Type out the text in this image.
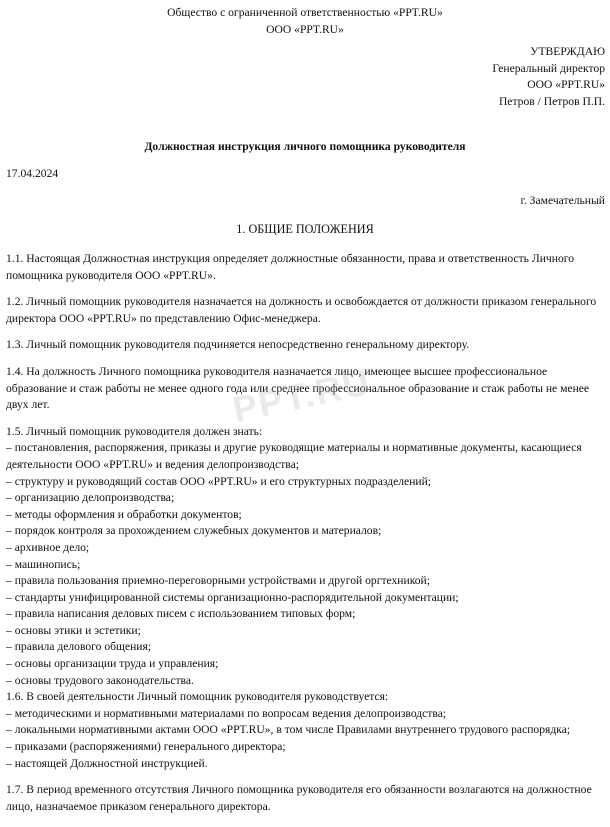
Общество с ограниченной ответственностью «PPT.RU»
ООО «PPT.RU»
УТВЕРЖДАЮ
Генеральный директор
ООО «PPT.RU»
Петров / Петров П.П.
Должностная инструкция личного помощника руководителя
17.04.2024
г. Замечательный
1. ОБЩИЕ ПОЛОЖЕНИЯ

1.1. Настоящая Должностная инструкция определяет должностные обязанности, права и ответственность Личного помощника руководителя ООО «PPT.RU».

1.2. Личный помощник руководителя назначается на должность и освобождается от должности приказом генерального директора ООО «PPT.RU» по представлению Офис-менеджера.

1.3. Личный помощник руководителя подчиняется непосредственно генеральному директору.

1.4. На должность Личного помощника руководителя назначается лицо, имеющее высшее профессиональное образование и стаж работы не менее одного года или среднее профессиональное образование и стаж работы не менее двух лет.

1.5. Личный помощник руководителя должен знать:

– постановления, распоряжения, приказы и другие руководящие материалы и нормативные документы, касающиеся деятельности ООО «PPT.RU» и ведения делопроизводства;
– структуру и руководящий состав ООО «PPT.RU» и его структурных подразделений;
– организацию делопроизводства;
– методы оформления и обработки документов;
– порядок контроля за прохождением служебных документов и материалов;
– архивное дело;
– машинопись;
– правила пользования приемно-переговорными устройствами и другой оргтехникой;
– стандарты унифицированной системы организационно-распорядительной документации;
– правила написания деловых писем с использованием типовых форм;
– основы этики и эстетики;
– правила делового общения;
– основы организации труда и управления;
– основы трудового законодательства.

1.6. В своей деятельности Личный помощник руководителя руководствуется:

– методическими и нормативными материалами по вопросам ведения делопроизводства;
– локальными нормативными актами ООО «PPT.RU», в том числе Правилами внутреннего трудового распорядка;
– приказами (распоряжениями) генерального директора;
– настоящей Должностной инструкцией.

1.7. В период временного отсутствия Личного помощника руководителя его обязанности возлагаются на должностное лицо, назначаемое приказом генерального директора.

PPT.RU
